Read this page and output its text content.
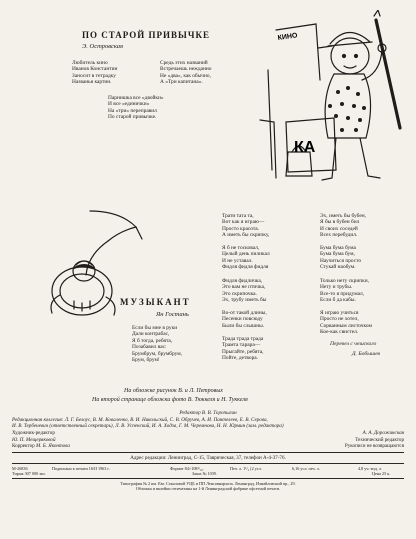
ПО СТАРОЙ ПРИВЫЧКЕ
Э. Островская
Любитель кино
Иванов Константин
Заносит в тетрадку
Названья картин.
Средь этих названий
Встречаешь нежданно
Не «два», как обычно,
А «Три капитана».
Парнишка все «двойки»
И все «единички»
На «три» переправил
По старой привычке.
КИНО
КА
МУЗЫКАНТ
Ян Гостань
Если бы мне в руки
Дали контрабас,
Я б тогда, ребята,
Позабавил вас:
Брумбрум, брумбрум,
Брум, брум!
Трати тата та,
Вот как я играю—
Просто красота.
А иметь бы скрипку,
Я б не тосковал,
Целый день пиликал
И не уставал.
Фидля фидля фидля
Фидля фидличка,
Это вам не птичка,
Это скрипочка.
Эх, трубу иметь бы
Во-от такой длины,
Песенки повсюду
Были бы слышны.
Трада трада трада
Трамта тарара—
Прыгайте, ребята,
Пойте, детвора.
Эх, иметь бы бубен,
Я бы в бубен бил
И своих соседей
Всех перебудил.
Бума бума бума
Бума бума бум,
Научиться просто
Стукай наобум.
Только нету скрипки,
Нету и трубы.
Все-то я придумал,
Если б да кабы.
Я играю учиться
Просто не хотел,
Сорванным листочком
Кое-как свистел.
Перевел с чешского
Д. Бобышев
На обложке рисунок В. и Л. Петровых
На второй странице обложки фото В. Тюккеля и Н. Туккеля
Редактор В. В. Торопыгин
Редакционная коллегия: Л. Г. Белоус, В. М. Коваленко, В. И. Никольский, С. В. Обручев, А. И. Пантелеев, Е. В. Серова,
И. В. Тербеневич (ответственный секретарь), Л. В. Успенский, И. А. Ходза, Г. М. Черемнова, Н. Н. Юрмин (зам. редактора)
Художник-редактор
Ю. П. Мещеряковой
Корректор М. Б. Яконтова
А. А. Дорожинская
Технический редактор
Рукописи не возвращаются
Адрес редакции: Ленинград, С-15, Таврическая, 37, телефон А-4-37-76.
М-26836	Подписано к печати 16/II 1963 г.	Формат 84×108¹/₁₆.	Печ. л. 1¹/₂ (2 усл.	6,16 усл. печ. л.	4,8 уч.-изд. л.
Тираж 307 000 экз.	Заказ № 1039.	Цена 25 к.
Типография № 2 им. Евг. Соколовой УЦБ и ПП Ленсовнархоза. Ленинград, Измайловский пр., 29.
Обложка и вклейки отпечатаны на 1-й Ленинградской фабрике офсетной печати.
